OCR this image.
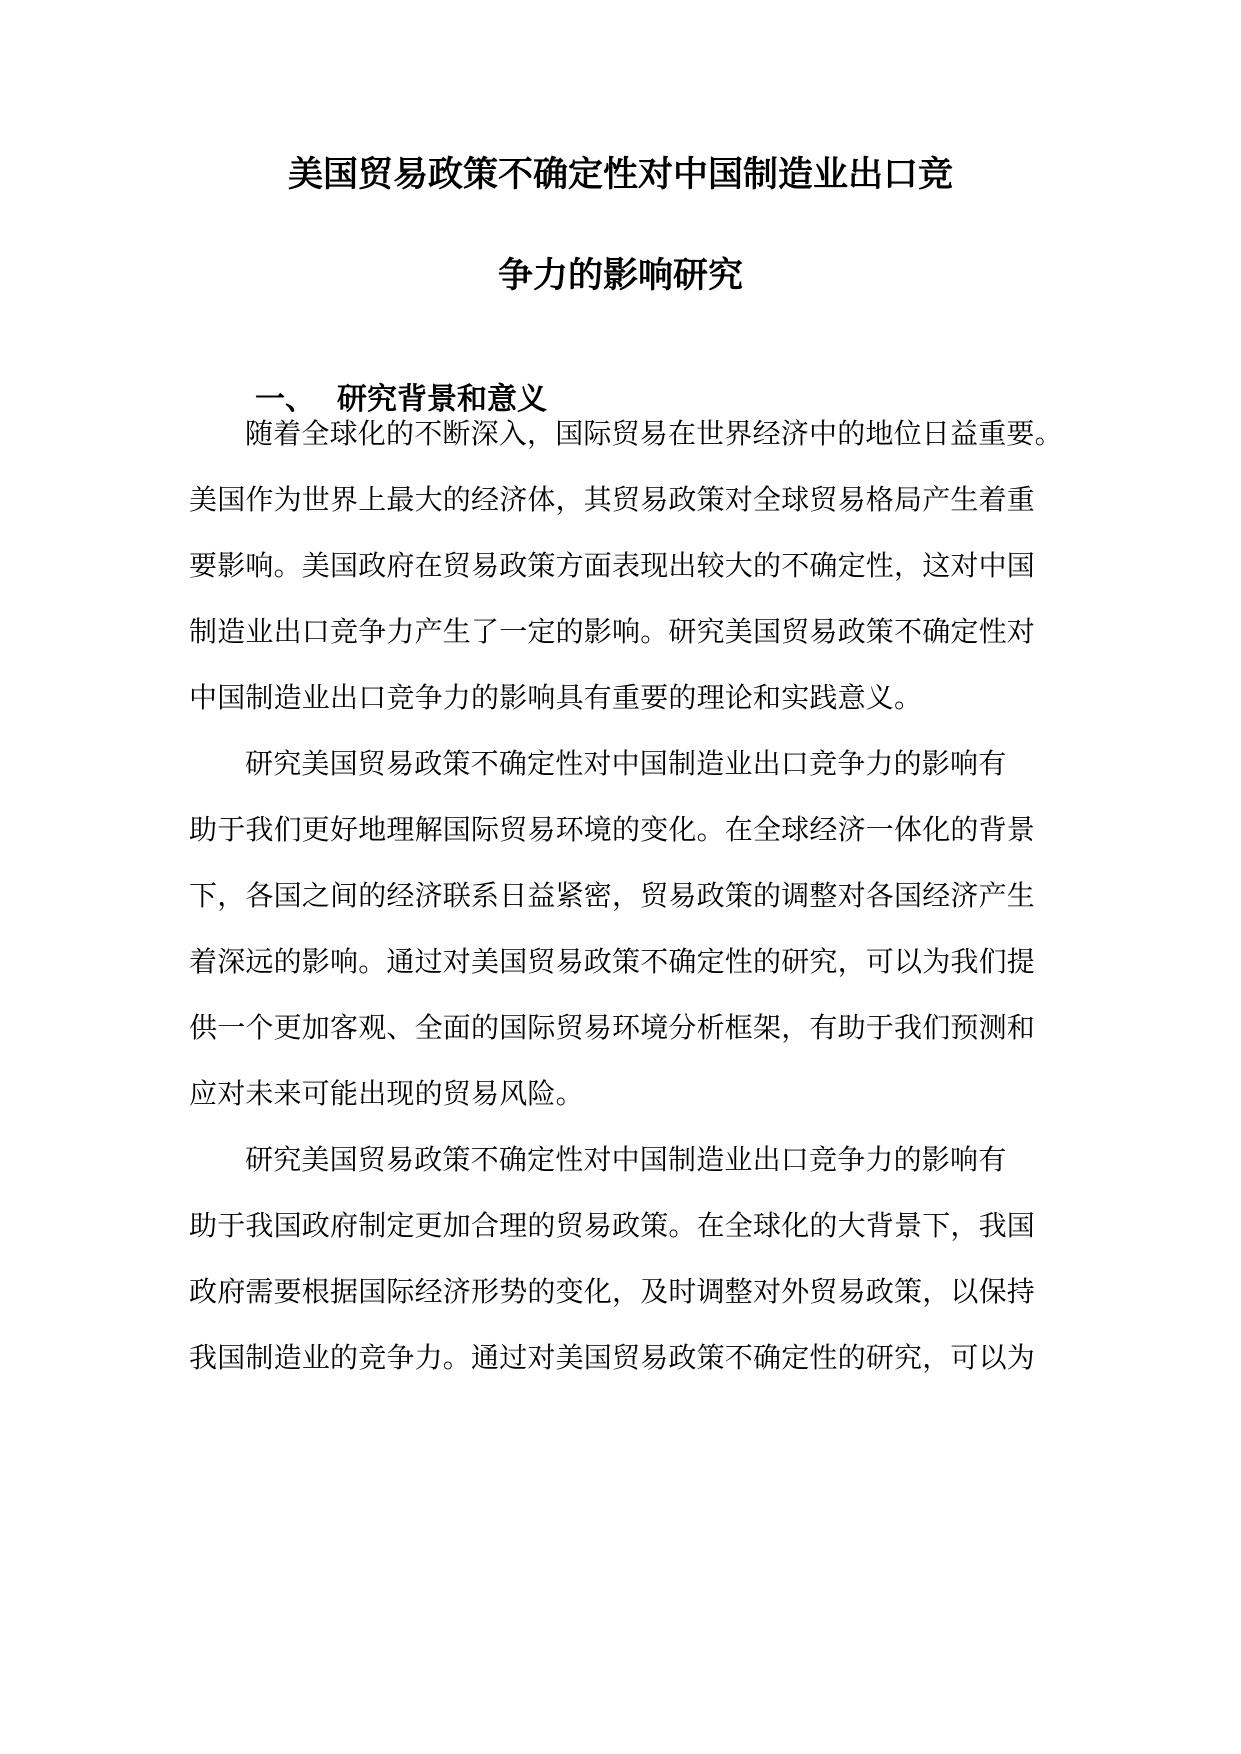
美国贸易政策不确定性对中国制造业出口竞
争力的影响研究
一、 研究背景和意义
随着全球化的不断深入，国际贸易在世界经济中的地位日益重要。
美国作为世界上最大的经济体，其贸易政策对全球贸易格局产生着重
要影响。美国政府在贸易政策方面表现出较大的不确定性，这对中国
制造业出口竞争力产生了一定的影响。研究美国贸易政策不确定性对
中国制造业出口竞争力的影响具有重要的理论和实践意义。
研究美国贸易政策不确定性对中国制造业出口竞争力的影响有
助于我们更好地理解国际贸易环境的变化。在全球经济一体化的背景
下，各国之间的经济联系日益紧密，贸易政策的调整对各国经济产生
着深远的影响。通过对美国贸易政策不确定性的研究，可以为我们提
供一个更加客观、全面的国际贸易环境分析框架，有助于我们预测和
应对未来可能出现的贸易风险。
研究美国贸易政策不确定性对中国制造业出口竞争力的影响有
助于我国政府制定更加合理的贸易政策。在全球化的大背景下，我国
政府需要根据国际经济形势的变化，及时调整对外贸易政策，以保持
我国制造业的竞争力。通过对美国贸易政策不确定性的研究，可以为
